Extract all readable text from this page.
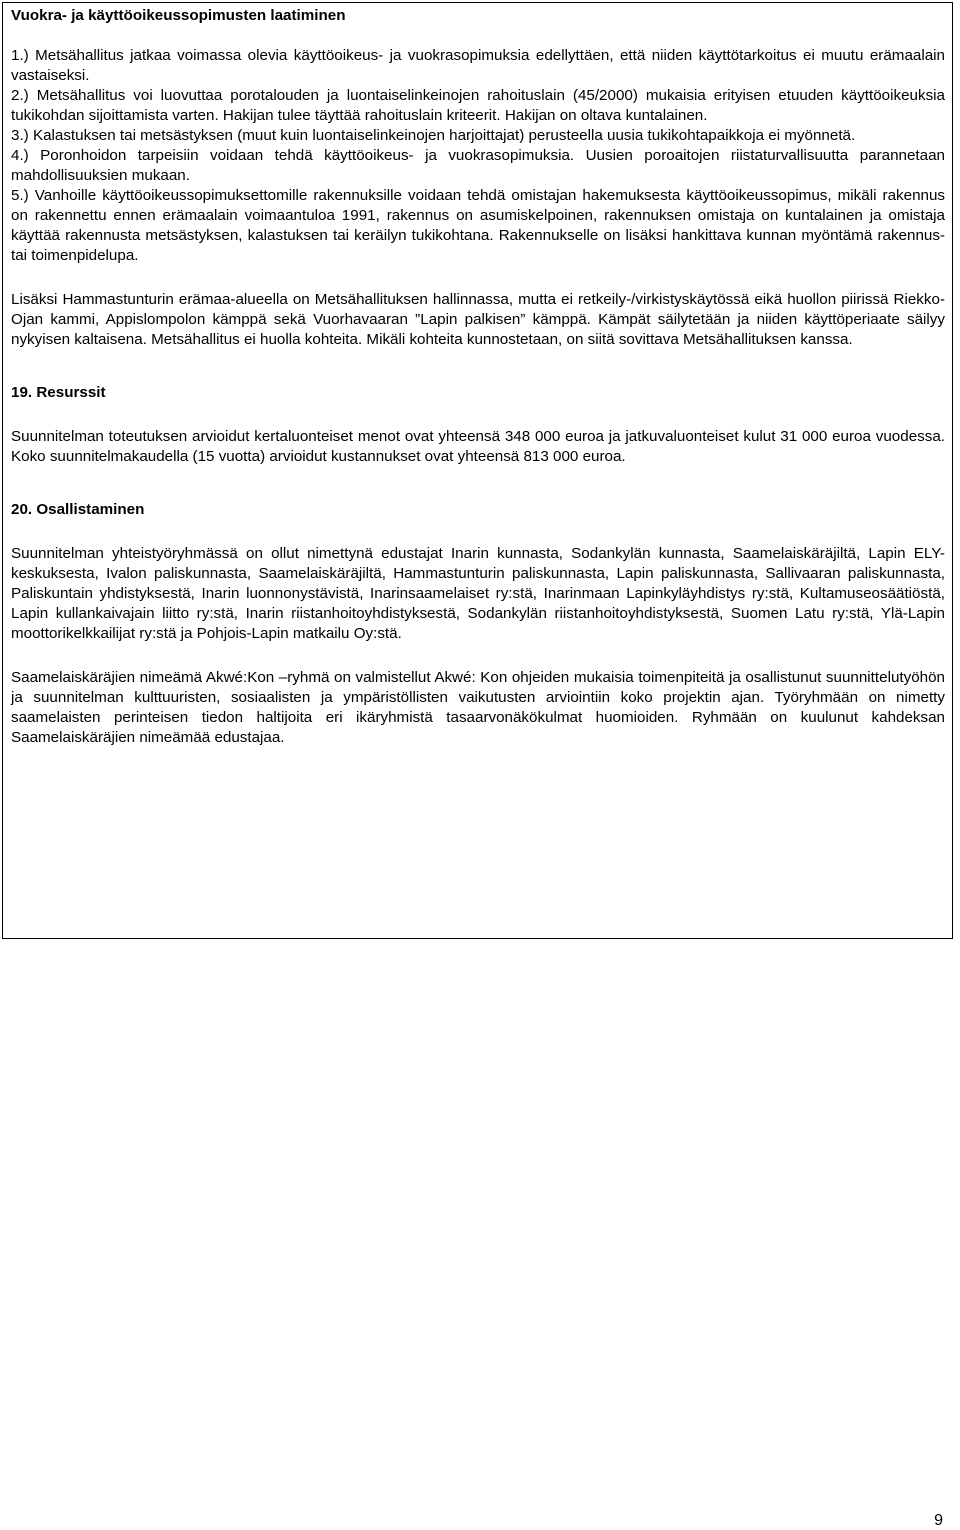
Vuokra- ja käyttöoikeussopimusten laatiminen

1.) Metsähallitus jatkaa voimassa olevia käyttöoikeus- ja vuokrasopimuksia edellyttäen, että niiden käyttötarkoitus ei muutu erämaalain vastaiseksi.

2.) Metsähallitus voi luovuttaa porotalouden ja luontaiselinkeinojen rahoituslain (45/2000) mukaisia erityisen etuuden käyttöoikeuksia tukikohdan sijoittamista varten. Hakijan tulee täyttää rahoituslain kriteerit. Hakijan on oltava kuntalainen.

3.) Kalastuksen tai metsästyksen (muut kuin luontaiselinkeinojen harjoittajat) perusteella uusia tukikohtapaikkoja ei myönnetä.

4.) Poronhoidon tarpeisiin voidaan tehdä käyttöoikeus- ja vuokrasopimuksia. Uusien poroaitojen riistaturvallisuutta parannetaan mahdollisuuksien mukaan.

5.) Vanhoille käyttöoikeussopimuksettomille rakennuksille voidaan tehdä omistajan hakemuksesta käyttöoikeussopimus, mikäli rakennus on rakennettu ennen erämaalain voimaantuloa 1991, rakennus on asumiskelpoinen, rakennuksen omistaja on kuntalainen ja omistaja käyttää rakennusta metsästyksen, kalastuksen tai keräilyn tukikohtana. Rakennukselle on lisäksi hankittava kunnan myöntämä rakennus- tai toimenpidelupa.

Lisäksi Hammastunturin erämaa-alueella on Metsähallituksen hallinnassa, mutta ei retkeily-/virkistyskäytössä eikä huollon piirissä Riekko-Ojan kammi, Appislompolon kämppä sekä Vuorhavaaran ”Lapin palkisen” kämppä. Kämpät säilytetään ja niiden käyttöperiaate säilyy nykyisen kaltaisena. Metsähallitus ei huolla kohteita. Mikäli kohteita kunnostetaan, on siitä sovittava Metsähallituksen kanssa.

19. Resurssit

Suunnitelman toteutuksen arvioidut kertaluonteiset menot ovat yhteensä 348 000 euroa ja jatkuvaluonteiset kulut 31 000 euroa vuodessa. Koko suunnitelmakaudella (15 vuotta) arvioidut kustannukset ovat yhteensä 813 000 euroa.

20. Osallistaminen

Suunnitelman yhteistyöryhmässä on ollut nimettynä edustajat Inarin kunnasta, Sodankylän kunnasta, Saamelaiskäräjiltä, Lapin ELY-keskuksesta, Ivalon paliskunnasta, Saamelaiskäräjiltä, Hammastunturin paliskunnasta, Lapin paliskunnasta, Sallivaaran paliskunnasta, Paliskuntain yhdistyksestä, Inarin luonnonystävistä, Inarinsaamelaiset ry:stä, Inarinmaan Lapinkyläyhdistys ry:stä, Kultamuseosäätiöstä, Lapin kullankaivajain liitto ry:stä, Inarin riistanhoitoyhdistyksestä, Sodankylän riistanhoitoyhdistyksestä, Suomen Latu ry:stä, Ylä-Lapin moottorikelkkailijat ry:stä ja Pohjois-Lapin matkailu Oy:stä.

Saamelaiskäräjien nimeämä Akwé:Kon –ryhmä on valmistellut Akwé: Kon ohjeiden mukaisia toimenpiteitä ja osallistunut suunnittelutyöhön ja suunnitelman kulttuuristen, sosiaalisten ja ympäristöllisten vaikutusten arviointiin koko projektin ajan. Työryhmään on nimetty saamelaisten perinteisen tiedon haltijoita eri ikäryhmistä tasaarvonäkökulmat huomioiden. Ryhmään on kuulunut kahdeksan Saamelaiskäräjien nimeämää edustajaa.

9
